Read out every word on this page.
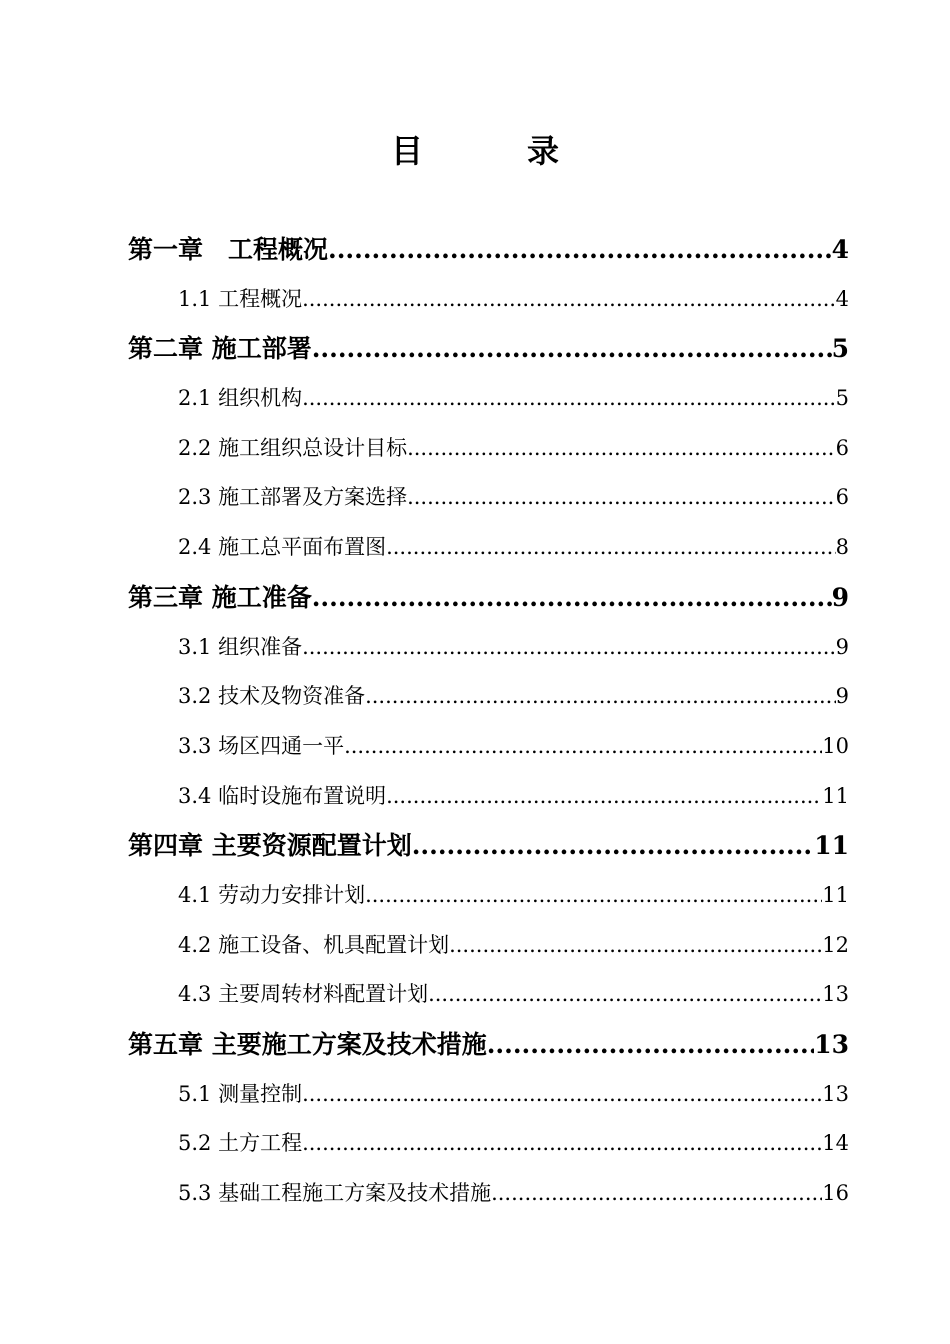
目　录
第一章　工程概况 .....	4
1.1 工程概况 .....	4
第二章 施工部署 .....	5
2.1 组织机构 .....	5
2.2 施工组织总设计目标 .....	6
2.3 施工部署及方案选择 .....	6
2.4 施工总平面布置图 .....	8
第三章 施工准备 .....	9
3.1 组织准备 .....	9
3.2 技术及物资准备 .....	9
3.3 场区四通一平 .....	10
3.4 临时设施布置说明 .....	11
第四章 主要资源配置计划 .....	11
4.1 劳动力安排计划 .....	11
4.2 施工设备、机具配置计划 .....	12
4.3 主要周转材料配置计划 .....	13
第五章 主要施工方案及技术措施 .....	13
5.1 测量控制 .....	13
5.2 土方工程 .....	14
5.3 基础工程施工方案及技术措施 .....	16
